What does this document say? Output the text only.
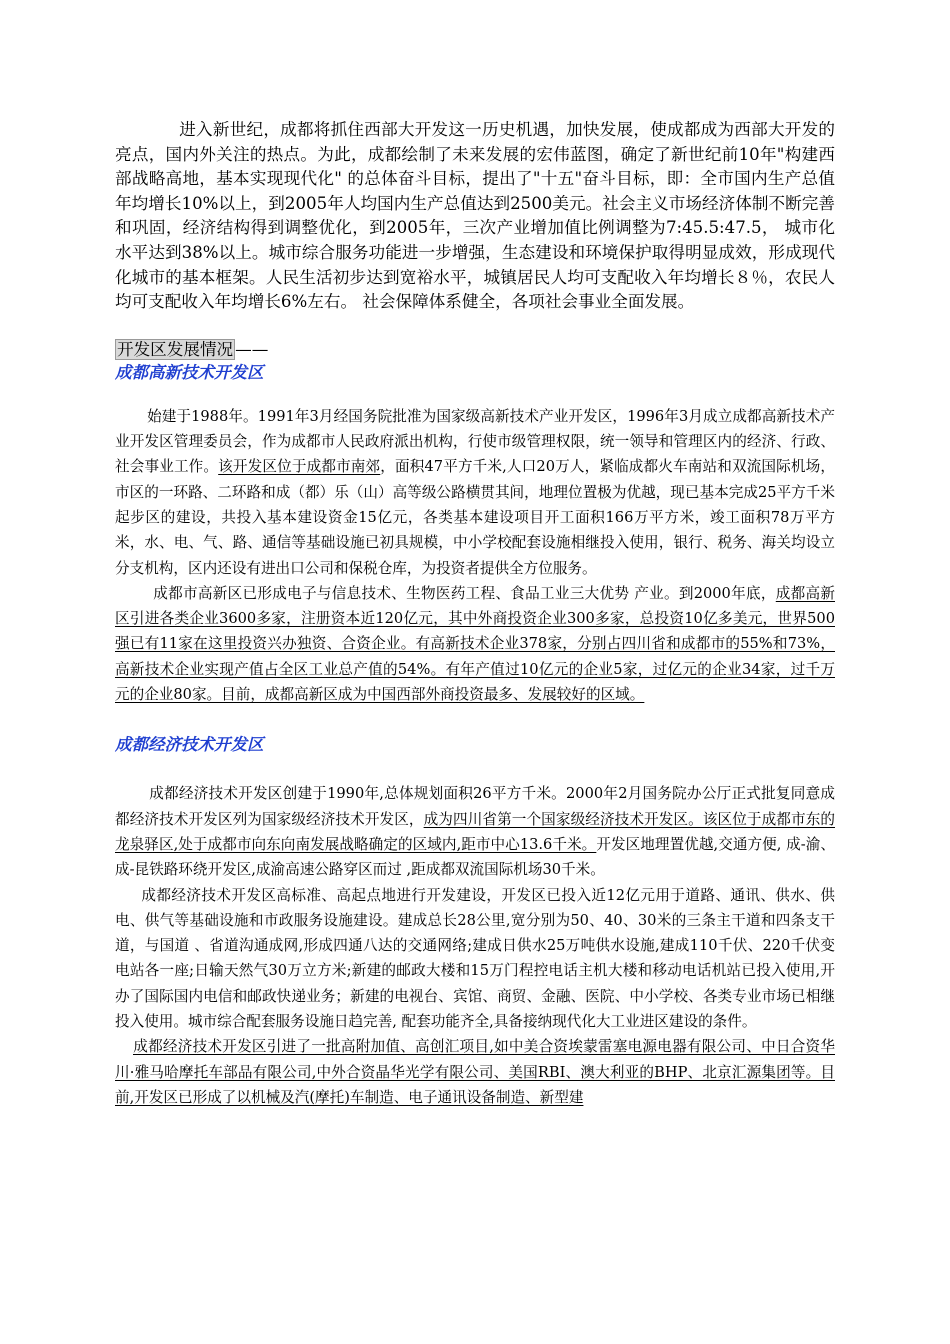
进入新世纪，成都将抓住西部大开发这一历史机遇，加快发展，使成都成为西部大开发的亮点，国内外关注的热点。为此，成都绘制了未来发展的宏伟蓝图，确定了新世纪前10年"构建西部战略高地，基本实现现代化" 的总体奋斗目标，提出了"十五"奋斗目标，即：全市国内生产总值年均增长10%以上，到2005年人均国内生产总值达到2500美元。社会主义市场经济体制不断完善和巩固，经济结构得到调整优化，到2005年，三次产业增加值比例调整为7:45.5:47.5， 城市化水平达到38%以上。城市综合服务功能进一步增强，生态建设和环境保护取得明显成效，形成现代化城市的基本框架。人民生活初步达到宽裕水平，城镇居民人均可支配收入年均增长８％，农民人均可支配收入年均增长6%左右。 社会保障体系健全，各项社会事业全面发展。

开发区发展情况 ——
成都高新技术开发区

始建于1988年。1991年3月经国务院批准为国家级高新技术产业开发区，1996年3月成立成都高新技术产业开发区管理委员会，作为成都市人民政府派出机构，行使市级管理权限，统一领导和管理区内的经济、行政、社会事业工作。该开发区位于成都市南郊，面积47平方千米,人口20万人，紧临成都火车南站和双流国际机场，市区的一环路、二环路和成（都）乐（山）高等级公路横贯其间，地理位置极为优越，现已基本完成25平方千米起步区的建设，共投入基本建设资金15亿元，各类基本建设项目开工面积166万平方米，竣工面积78万平方米，水、电、气、路、通信等基础设施已初具规模，中小学校配套设施相继投入使用，银行、税务、海关均设立分支机构，区内还设有进出口公司和保税仓库，为投资者提供全方位服务。

成都市高新区已形成电子与信息技术、生物医药工程、食品工业三大优势 产业。到2000年底，成都高新区引进各类企业3600多家，注册资本近120亿元，其中外商投资企业300多家，总投资10亿多美元，世界500强已有11家在这里投资兴办独资、合资企业。有高新技术企业378家，分别占四川省和成都市的55%和73%，高新技术企业实现产值占全区工业总产值的54%。有年产值过10亿元的企业5家，过亿元的企业34家，过千万元的企业80家。目前，成都高新区成为中国西部外商投资最多、发展较好的区域。

成都经济技术开发区

成都经济技术开发区创建于1990年,总体规划面积26平方千米。2000年2月国务院办公厅正式批复同意成都经济技术开发区列为国家级经济技术开发区，成为四川省第一个国家级经济技术开发区。该区位于成都市东的龙泉驿区,处于成都市向东向南发展战略确定的区域内,距市中心13.6千米。开发区地理置优越,交通方便, 成-渝、成-昆铁路环绕开发区,成渝高速公路穿区而过 ,距成都双流国际机场30千米。

成都经济技术开发区高标准、高起点地进行开发建设，开发区已投入近12亿元用于道路、通讯、供水、供电、供气等基础设施和市政服务设施建设。建成总长28公里,宽分别为50、40、30米的三条主干道和四条支干道，与国道 、省道沟通成网,形成四通八达的交通网络;建成日供水25万吨供水设施,建成110千伏、220千伏变电站各一座;日输天然气30万立方米;新建的邮政大楼和15万门程控电话主机大楼和移动电话机站已投入使用,开办了国际国内电信和邮政快递业务；新建的电视台、宾馆、商贸、金融、医院、中小学校、各类专业市场已相继投入使用。城市综合配套服务设施日趋完善, 配套功能齐全,具备接纳现代化大工业进区建设的条件。

成都经济技术开发区引进了一批高附加值、高创汇项目,如中美合资埃蒙雷塞电源电器有限公司、中日合资华川·雅马哈摩托车部品有限公司,中外合资晶华光学有限公司、美国RBI、澳大利亚的BHP、北京汇源集团等。目前,开发区已形成了以机械及汽(摩托)车制造、电子通讯设备制造、新型建
